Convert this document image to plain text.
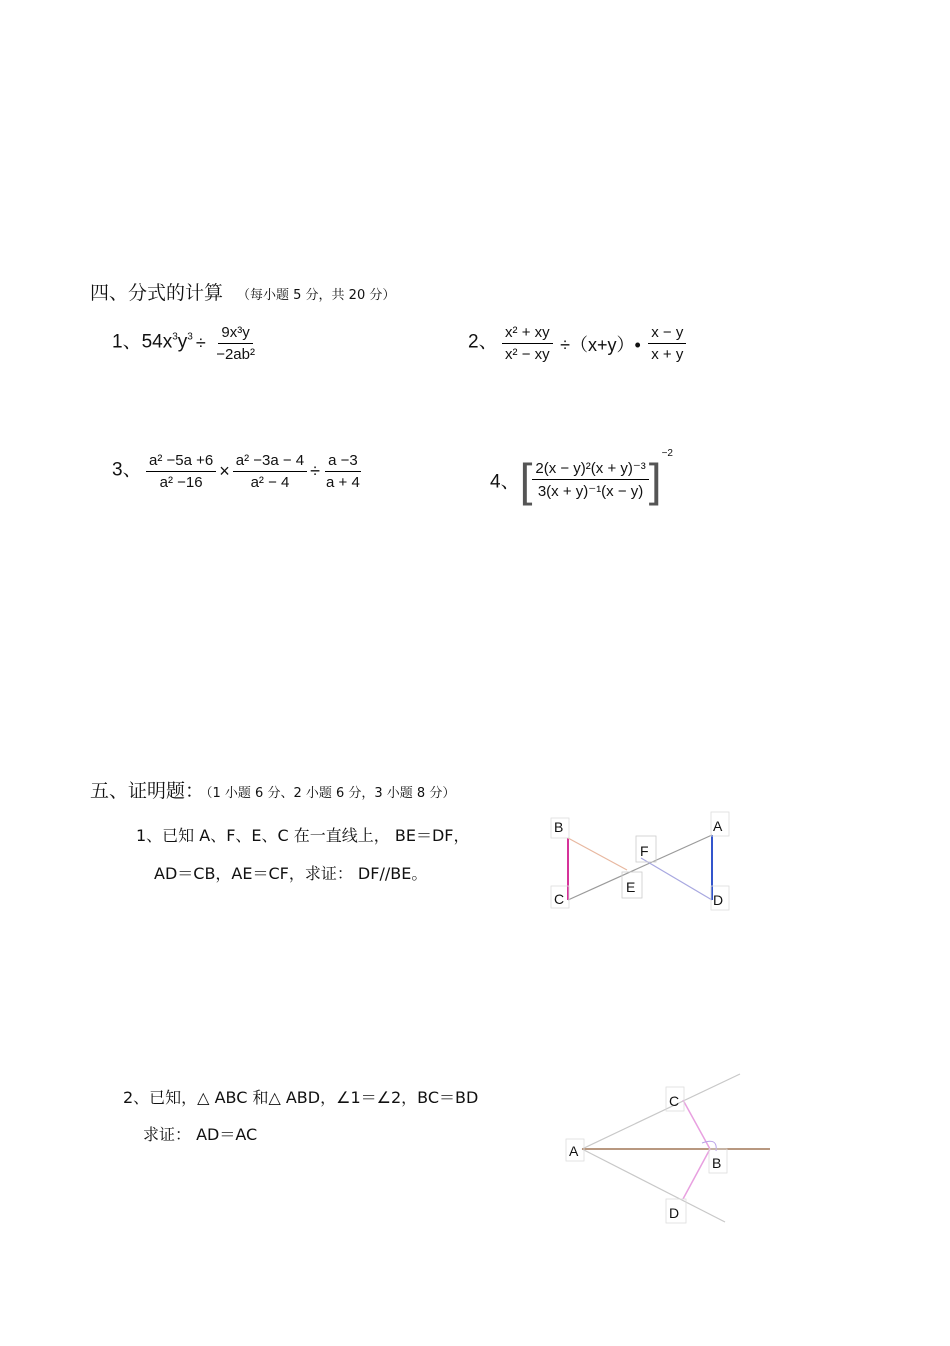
四、分式的计算 （每小题 5 分，共 20 分）
1、$54x^3y^3 \div \frac{\text{9x³y}}{\text{−2ab²}}$	2、 $\frac{\text{x² + xy}}{\text{x² − xy}}$ ÷（x+y）• $\frac{x - y}{x + y}$
3、 $\frac{\text{a² −5a +6}}{\text{a² −16}} \times \frac{\text{a² −3a − 4}}{\text{a² − 4}} \div \frac{a -3}{a + 4}$	4、[ $\frac{\text{2(x − y)²(x + y)⁻³}}{\text{3(x + y)⁻¹(x − y)}} ]^{-2}$
五、证明题： （1 小题 6 分、2 小题 6 分，3 小题 8 分）
1、已知 A、F、E、C 在一直线上， BE＝DF，
AD＝CB，AE＝CF，求证： DF//BE。
B
C
F
E
A
D
2、已知，△ ABC 和△ ABD，∠1＝∠2，BC＝BD
求证： AD＝AC
A
C
B
D
